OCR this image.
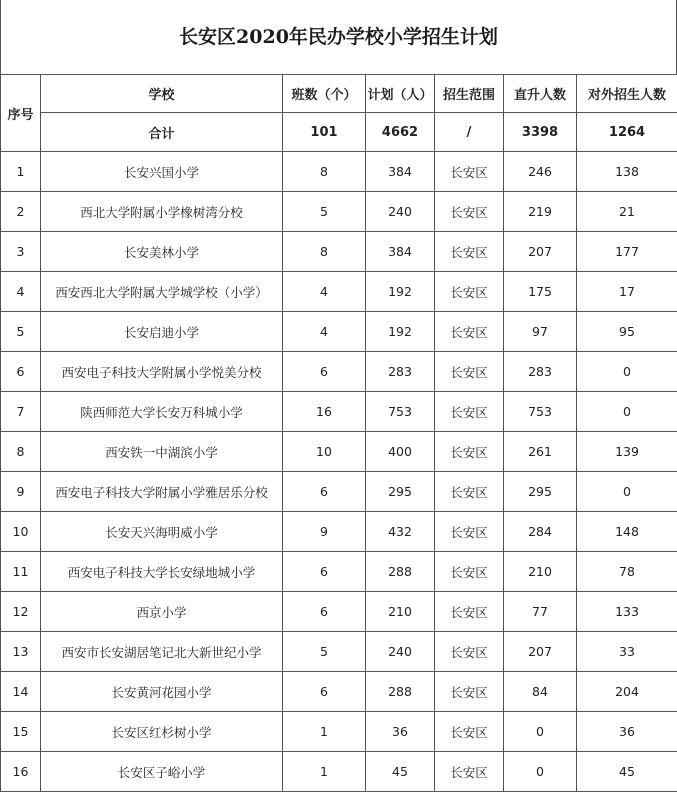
长安区2020年民办学校小学招生计划
序号	学校	班数（个）	计划（人）	招生范围	直升人数	对外招生人数
	合计	101	4662	/	3398	1264
1	长安兴国小学	8	384	长安区	246	138
2	西北大学附属小学橡树湾分校	5	240	长安区	219	21
3	长安美林小学	8	384	长安区	207	177
4	西安西北大学附属大学城学校（小学）	4	192	长安区	175	17
5	长安启迪小学	4	192	长安区	97	95
6	西安电子科技大学附属小学悦美分校	6	283	长安区	283	0
7	陕西师范大学长安万科城小学	16	753	长安区	753	0
8	西安铁一中湖滨小学	10	400	长安区	261	139
9	西安电子科技大学附属小学雅居乐分校	6	295	长安区	295	0
10	长安天兴海明威小学	9	432	长安区	284	148
11	西安电子科技大学长安绿地城小学	6	288	长安区	210	78
12	西京小学	6	210	长安区	77	133
13	西安市长安湖居笔记北大新世纪小学	5	240	长安区	207	33
14	长安黄河花园小学	6	288	长安区	84	204
15	长安区红杉树小学	1	36	长安区	0	36
16	长安区子峪小学	1	45	长安区	0	45
